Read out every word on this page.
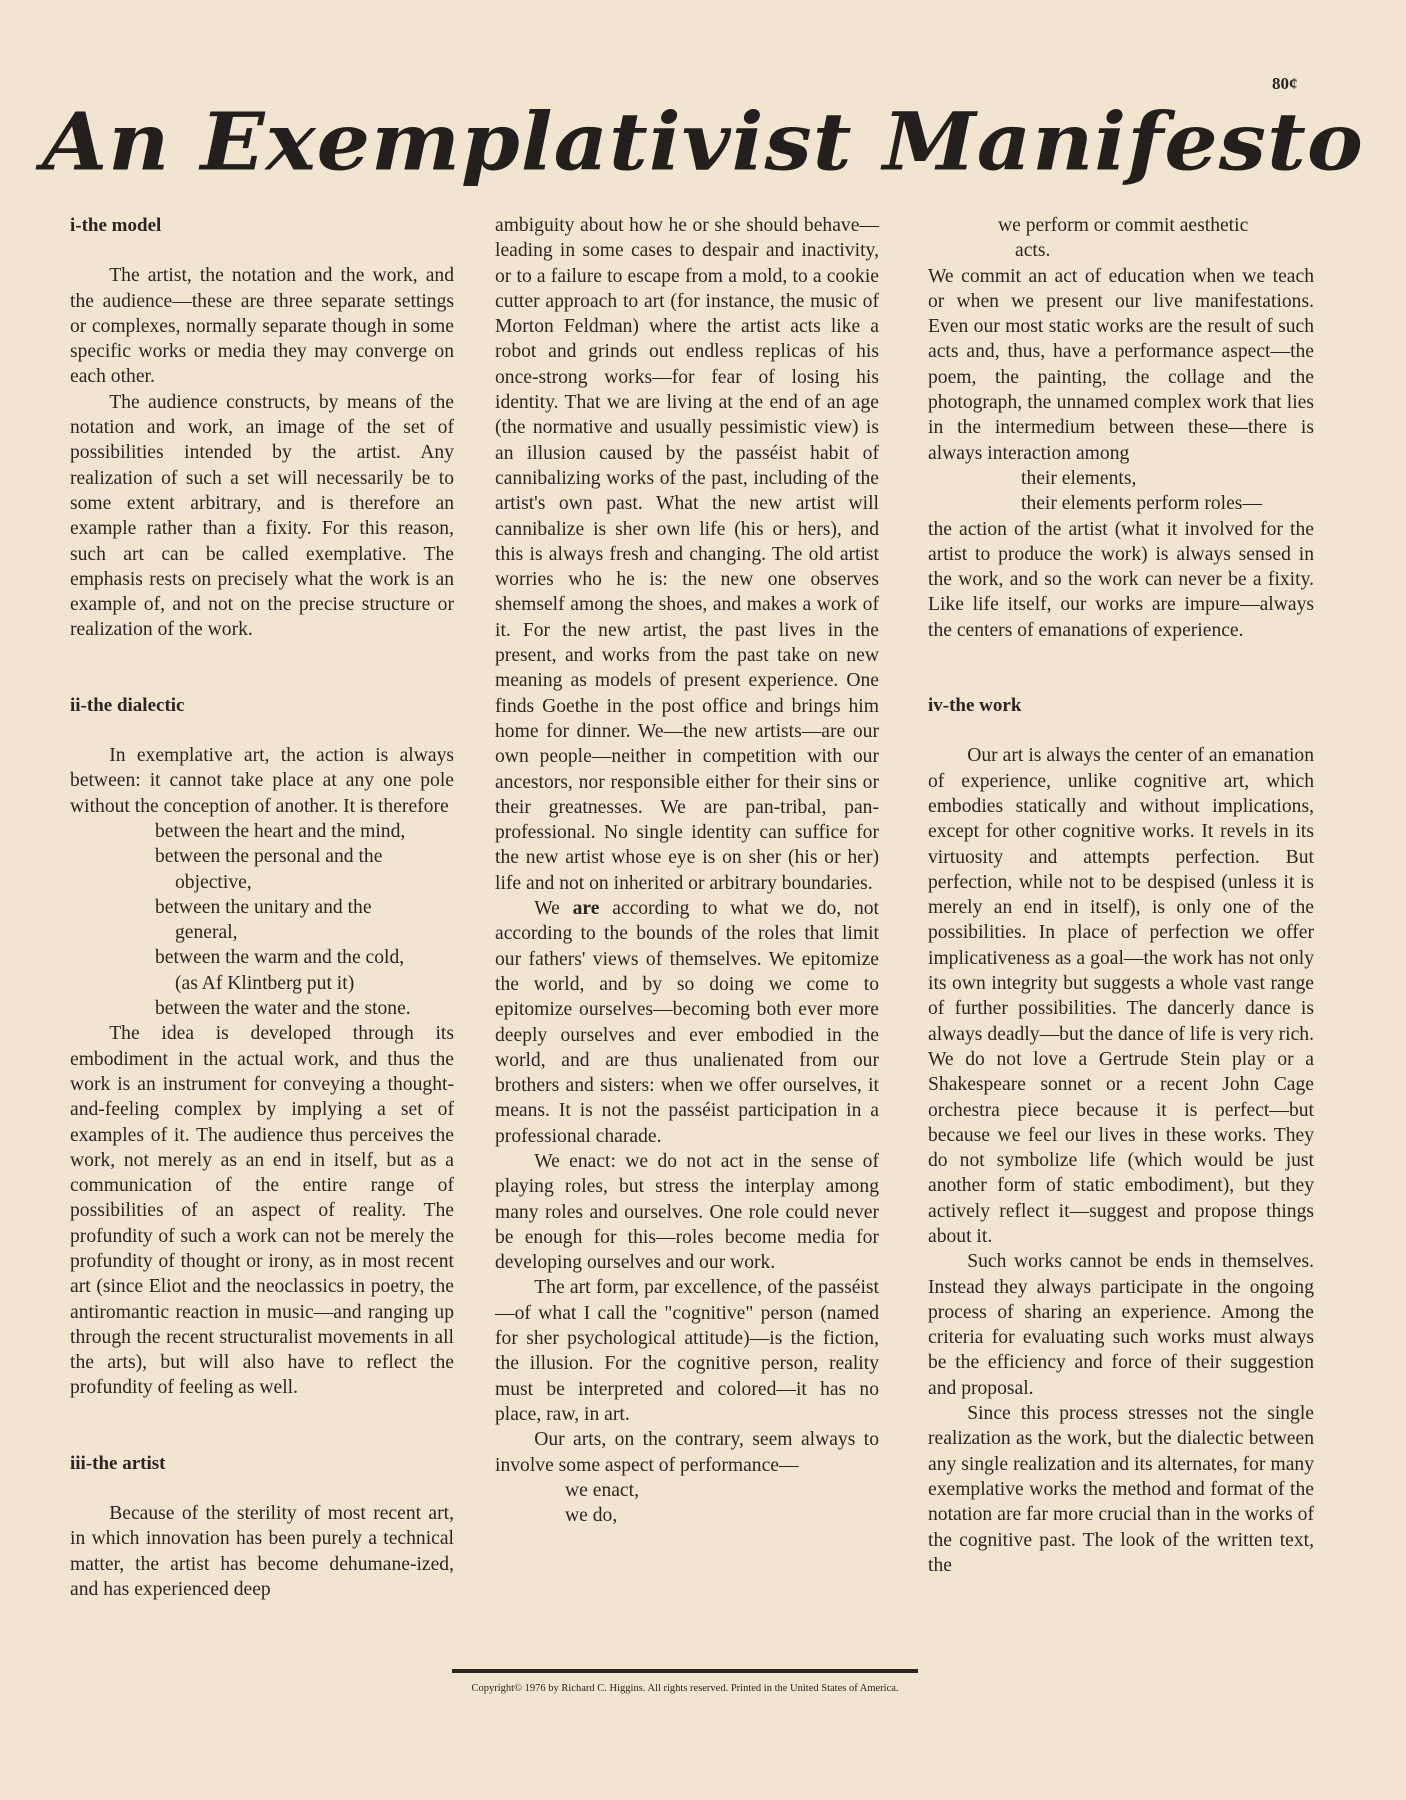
80¢
An Exemplativist Manifesto
i-the model

The artist, the notation and the work, and the audience—these are three separate settings or complexes, normally separate though in some specific works or media they may converge on each other.

The audience constructs, by means of the notation and work, an image of the set of possibilities intended by the artist. Any realization of such a set will necessarily be to some extent arbitrary, and is therefore an example rather than a fixity. For this reason, such art can be called exemplative. The emphasis rests on precisely what the work is an example of, and not on the precise structure or realization of the work.

ii-the dialectic

In exemplative art, the action is always between: it cannot take place at any one pole without the conception of another. It is therefore

between the heart and the mind,
between the personal and the
objective,
between the unitary and the
general,
between the warm and the cold,
(as Af Klintberg put it)
between the water and the stone.

The idea is developed through its embodiment in the actual work, and thus the work is an instrument for conveying a thought-and-feeling complex by implying a set of examples of it. The audience thus perceives the work, not merely as an end in itself, but as a communication of the entire range of possibilities of an aspect of reality. The profundity of such a work can not be merely the profundity of thought or irony, as in most recent art (since Eliot and the neoclassics in poetry, the antiromantic reaction in music—and ranging up through the recent structuralist movements in all the arts), but will also have to reflect the profundity of feeling as well.

iii-the artist

Because of the sterility of most recent art, in which innovation has been purely a technical matter, the artist has become dehumane-ized, and has experienced deep

ambiguity about how he or she should behave—leading in some cases to despair and inactivity, or to a failure to escape from a mold, to a cookie cutter approach to art (for instance, the music of Morton Feldman) where the artist acts like a robot and grinds out endless replicas of his once-strong works—for fear of losing his identity. That we are living at the end of an age (the normative and usually pessimistic view) is an illusion caused by the passéist habit of cannibalizing works of the past, including of the artist's own past. What the new artist will cannibalize is sher own life (his or hers), and this is always fresh and changing. The old artist worries who he is: the new one observes shemself among the shoes, and makes a work of it. For the new artist, the past lives in the present, and works from the past take on new meaning as models of present experience. One finds Goethe in the post office and brings him home for dinner. We—the new artists—are our own people—neither in competition with our ancestors, nor responsible either for their sins or their greatnesses. We are pan-tribal, pan-professional. No single identity can suffice for the new artist whose eye is on sher (his or her) life and not on inherited or arbitrary boundaries.

We are according to what we do, not according to the bounds of the roles that limit our fathers' views of themselves. We epitomize the world, and by so doing we come to epitomize ourselves—becoming both ever more deeply ourselves and ever embodied in the world, and are thus unalienated from our brothers and sisters: when we offer ourselves, it means. It is not the passéist participation in a professional charade.

We enact: we do not act in the sense of playing roles, but stress the interplay among many roles and ourselves. One role could never be enough for this—roles become media for developing ourselves and our work.

The art form, par excellence, of the passéist—of what I call the "cognitive" person (named for sher psychological attitude)—is the fiction, the illusion. For the cognitive person, reality must be interpreted and colored—it has no place, raw, in art.

Our arts, on the contrary, seem always to involve some aspect of performance—

we enact,
we do,
we perform or commit aesthetic
acts.

We commit an act of education when we teach or when we present our live manifestations. Even our most static works are the result of such acts and, thus, have a performance aspect—the poem, the painting, the collage and the photograph, the unnamed complex work that lies in the intermedium between these—there is always interaction among

their elements,
their elements perform roles—

the action of the artist (what it involved for the artist to produce the work) is always sensed in the work, and so the work can never be a fixity. Like life itself, our works are impure—always the centers of emanations of experience.

iv-the work

Our art is always the center of an emanation of experience, unlike cognitive art, which embodies statically and without implications, except for other cognitive works. It revels in its virtuosity and attempts perfection. But perfection, while not to be despised (unless it is merely an end in itself), is only one of the possibilities. In place of perfection we offer implicativeness as a goal—the work has not only its own integrity but suggests a whole vast range of further possibilities. The dancerly dance is always deadly—but the dance of life is very rich. We do not love a Gertrude Stein play or a Shakespeare sonnet or a recent John Cage orchestra piece because it is perfect—but because we feel our lives in these works. They do not symbolize life (which would be just another form of static embodiment), but they actively reflect it—suggest and propose things about it.

Such works cannot be ends in themselves. Instead they always participate in the ongoing process of sharing an experience. Among the criteria for evaluating such works must always be the efficiency and force of their suggestion and proposal.

Since this process stresses not the single realization as the work, but the dialectic between any single realization and its alternates, for many exemplative works the method and format of the notation are far more crucial than in the works of the cognitive past. The look of the written text, the

Copyright© 1976 by Richard C. Higgins. All rights reserved. Printed in the United States of America.
